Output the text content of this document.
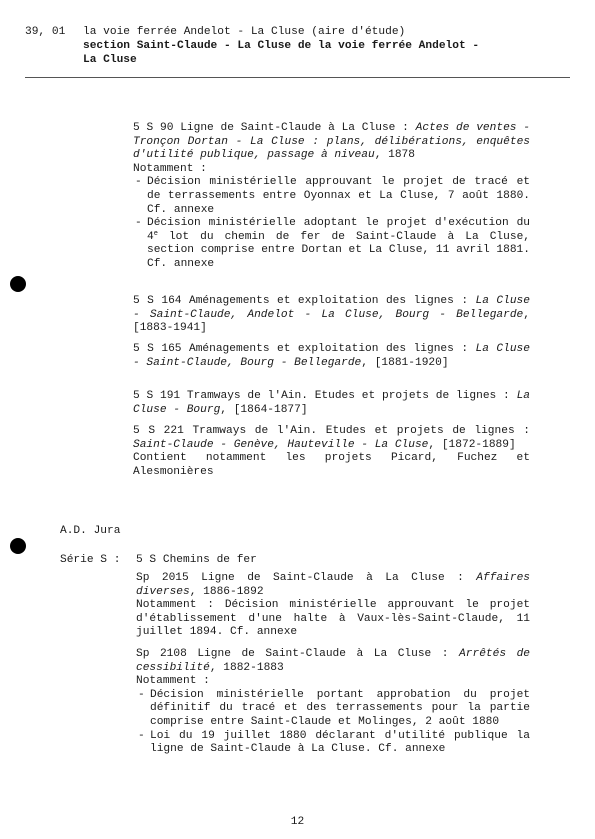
39, 01	la voie ferrée Andelot - La Cluse (aire d'étude)
section Saint-Claude - La Cluse de la voie ferrée Andelot -
La Cluse

5 S 90 Ligne de Saint-Claude à La Cluse : Actes de ventes - Tronçon Dortan - La Cluse : plans, délibérations, enquêtes d'utilité publique, passage à niveau, 1878

Notamment :

- Décision ministérielle approuvant le projet de tracé et de terrassements entre Oyonnax et La Cluse, 7 août 1880. Cf. annexe

- Décision ministérielle adoptant le projet d'exécution du 4e lot du chemin de fer de Saint-Claude à La Cluse, section comprise entre Dortan et La Cluse, 11 avril 1881. Cf. annexe

5 S 164 Aménagements et exploitation des lignes : La Cluse - Saint-Claude, Andelot - La Cluse, Bourg - Bellegarde, [1883-1941]

5 S 165 Aménagements et exploitation des lignes : La Cluse - Saint-Claude, Bourg - Bellegarde, [1881-1920]

5 S 191 Tramways de l'Ain. Etudes et projets de lignes : La Cluse - Bourg, [1864-1877]

5 S 221 Tramways de l'Ain. Etudes et projets de lignes : Saint-Claude - Genève, Hauteville - La Cluse, [1872-1889]

Contient notamment les projets Picard, Fuchez et Alesmonières

A.D. Jura
Série S : 5 S Chemins de fer

Sp 2015 Ligne de Saint-Claude à La Cluse : Affaires diverses, 1886-1892

Notamment : Décision ministérielle approuvant le projet d'établissement d'une halte à Vaux-lès-Saint-Claude, 11 juillet 1894. Cf. annexe

Sp 2108 Ligne de Saint-Claude à La Cluse : Arrêtés de cessibilité, 1882-1883

Notamment :

- Décision ministérielle portant approbation du projet définitif du tracé et des terrassements pour la partie comprise entre Saint-Claude et Molinges, 2 août 1880

- Loi du 19 juillet 1880 déclarant d'utilité publique la ligne de Saint-Claude à La Cluse. Cf. annexe

12
